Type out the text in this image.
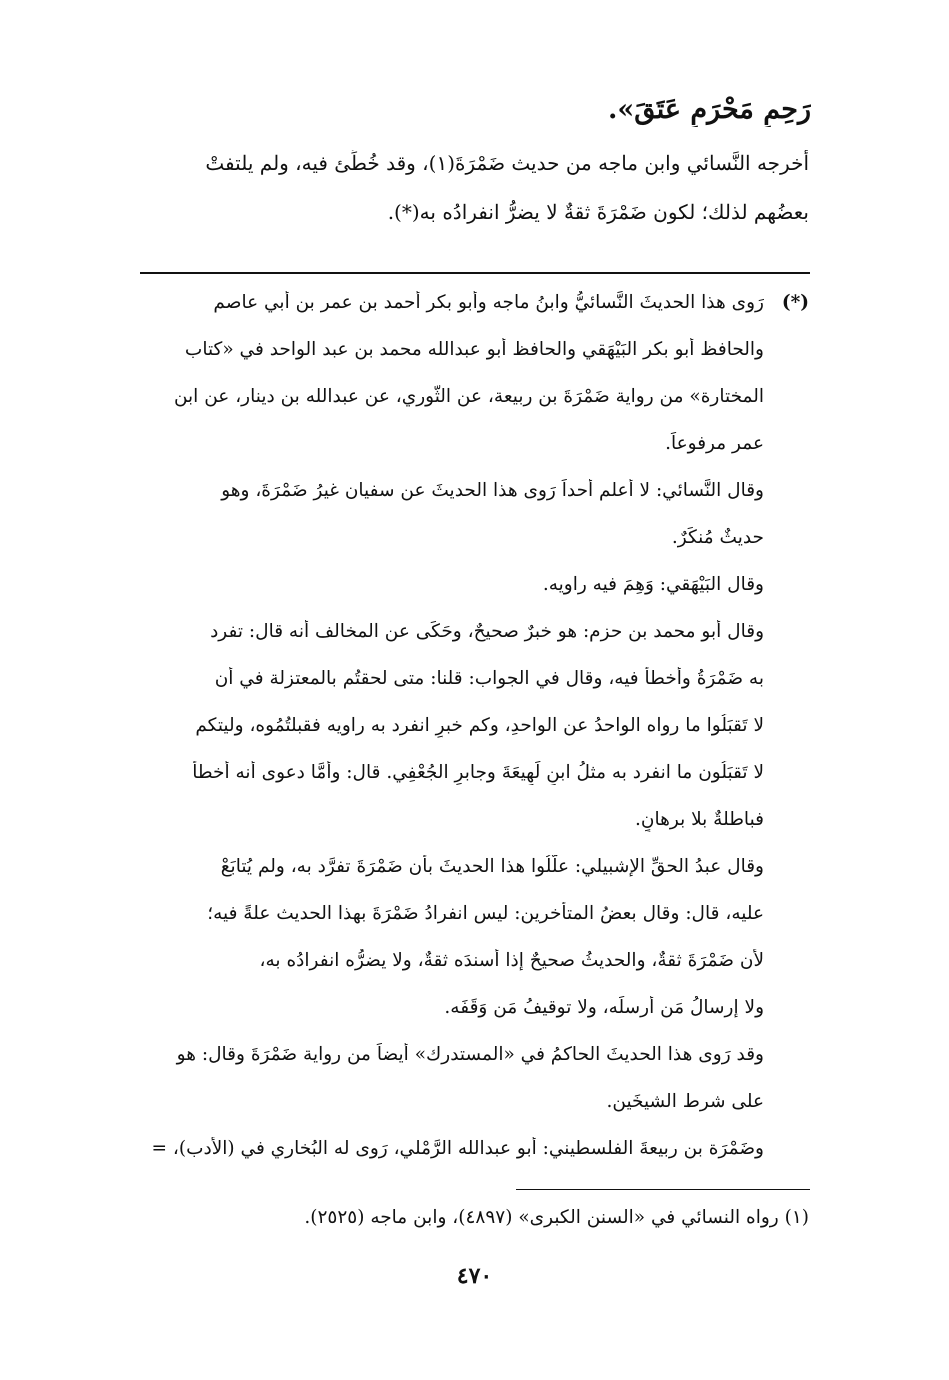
رَحِمٍ مَحْرَمٍ عَتَقَ».
أخرجه النَّسائي وابن ماجه من حديث ضَمْرَةَ(١)، وقد خُطِّئ فيه، ولم يلتفتْ
بعضُهم لذلك؛ لكون ضَمْرَةَ ثقةٌ لا يضرُّ انفرادُه به(*).
(*)
رَوى هذا الحديثَ النَّسائيُّ وابنُ ماجه وأبو بكر أحمد بن عمر بن أبي عاصم
والحافظ أبو بكر البَيْهَقي والحافظ أبو عبدالله محمد بن عبد الواحد في «كتاب
المختارة» من رواية ضَمْرَةَ بن ربيعة، عن الثَّوري، عن عبدالله بن دينار، عن ابن
عمر مرفوعاً.
وقال النَّسائي: لا أعلم أحداً رَوى هذا الحديثَ عن سفيان غيرُ ضَمْرَةَ، وهو
حديثٌ مُنكَرٌ.
وقال البَيْهَقي: وَهِمَ فيه راويه.
وقال أبو محمد بن حزم: هو خبرٌ صحيحٌ، وحَكَى عن المخالف أنه قال: تفرد
به ضَمْرَةُ وأخطأ فيه، وقال في الجواب: قلنا: متى لحقتُم بالمعتزلة في أن
لا تَقبَلُوا ما رواه الواحدُ عن الواحدِ، وكم خبرٍ انفرد به راويه فقبلتُمُوه، وليتكم
لا تَقبَلُون ما انفرد به مثلُ ابنِ لَهِيعَةَ وجابرِ الجُعْفِي. قال: وأمَّا دعوى أنه أخطأ
فباطلةٌ بلا برهانٍ.
وقال عبدُ الحقِّ الإشبيلي: علَّلُوا هذا الحديثَ بأن ضَمْرَةَ تفرَّد به، ولم يُتابَعْ
عليه، قال: وقال بعضُ المتأخرين: ليس انفرادُ ضَمْرَةَ بهذا الحديث علةً فيه؛
لأن ضَمْرَةَ ثقةٌ، والحديثُ صحيحٌ إذا أَسندَه ثقةٌ، ولا يضرُّه انفرادُه به،
ولا إرسالُ مَن أَرسلَه، ولا توقيفُ مَن وَقَفَه.
وقد رَوى هذا الحديثَ الحاكمُ في «المستدرك» أيضاً من رواية ضَمْرَةَ وقال: هو
على شرط الشيخَين.
وضَمْرَة بن ربيعةَ الفلسطيني: أبو عبدالله الرَّمْلي، رَوى له البُخاري في (الأدب)، =
(١) رواه النسائي في «السنن الكبرى» (٤٨٩٧)، وابن ماجه (٢٥٢٥).
٤٧٠
